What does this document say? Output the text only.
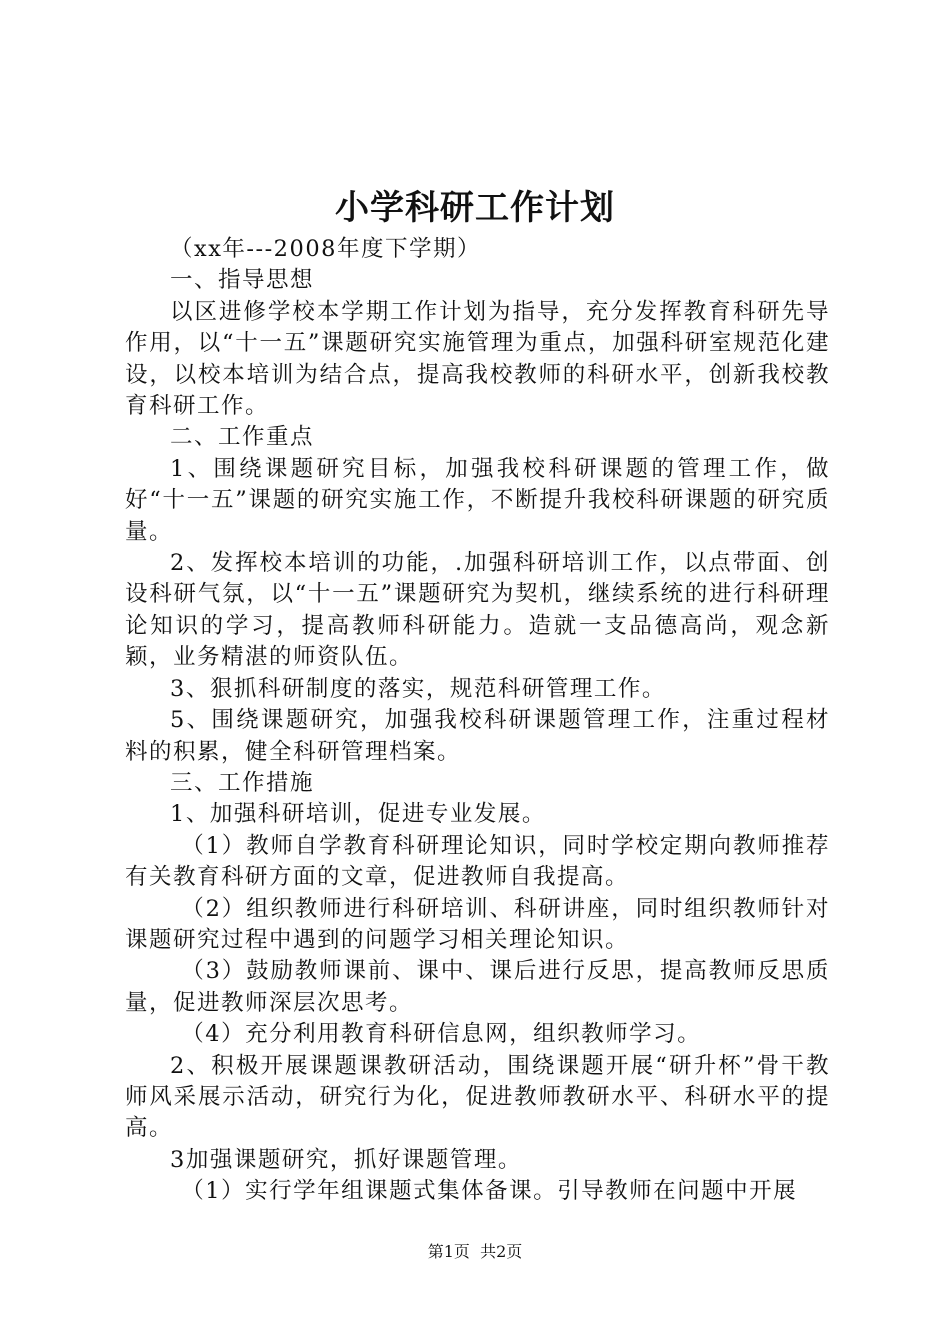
小学科研工作计划

（xx年---2008年度下学期）

一、指导思想

以区进修学校本学期工作计划为指导，充分发挥教育科研先导作用，以“十一五”课题研究实施管理为重点，加强科研室规范化建设，以校本培训为结合点，提高我校教师的科研水平，创新我校教育科研工作。

二、工作重点

1、围绕课题研究目标，加强我校科研课题的管理工作，做好“十一五”课题的研究实施工作，不断提升我校科研课题的研究质量。

2、发挥校本培训的功能，.加强科研培训工作，以点带面、创设科研气氛，以“十一五”课题研究为契机，继续系统的进行科研理论知识的学习，提高教师科研能力。造就一支品德高尚，观念新颖，业务精湛的师资队伍。

3、狠抓科研制度的落实，规范科研管理工作。

5、围绕课题研究，加强我校科研课题管理工作，注重过程材料的积累，健全科研管理档案。

三、工作措施

1、加强科研培训，促进专业发展。

（1）教师自学教育科研理论知识，同时学校定期向教师推荐有关教育科研方面的文章，促进教师自我提高。

（2）组织教师进行科研培训、科研讲座，同时组织教师针对课题研究过程中遇到的问题学习相关理论知识。

（3）鼓励教师课前、课中、课后进行反思，提高教师反思质量，促进教师深层次思考。

（4）充分利用教育科研信息网，组织教师学习。

2、积极开展课题课教研活动，围绕课题开展“研升杯”骨干教师风采展示活动，研究行为化，促进教师教研水平、科研水平的提高。

3加强课题研究，抓好课题管理。

（1）实行学年组课题式集体备课。引导教师在问题中开展

第1页 共2页
